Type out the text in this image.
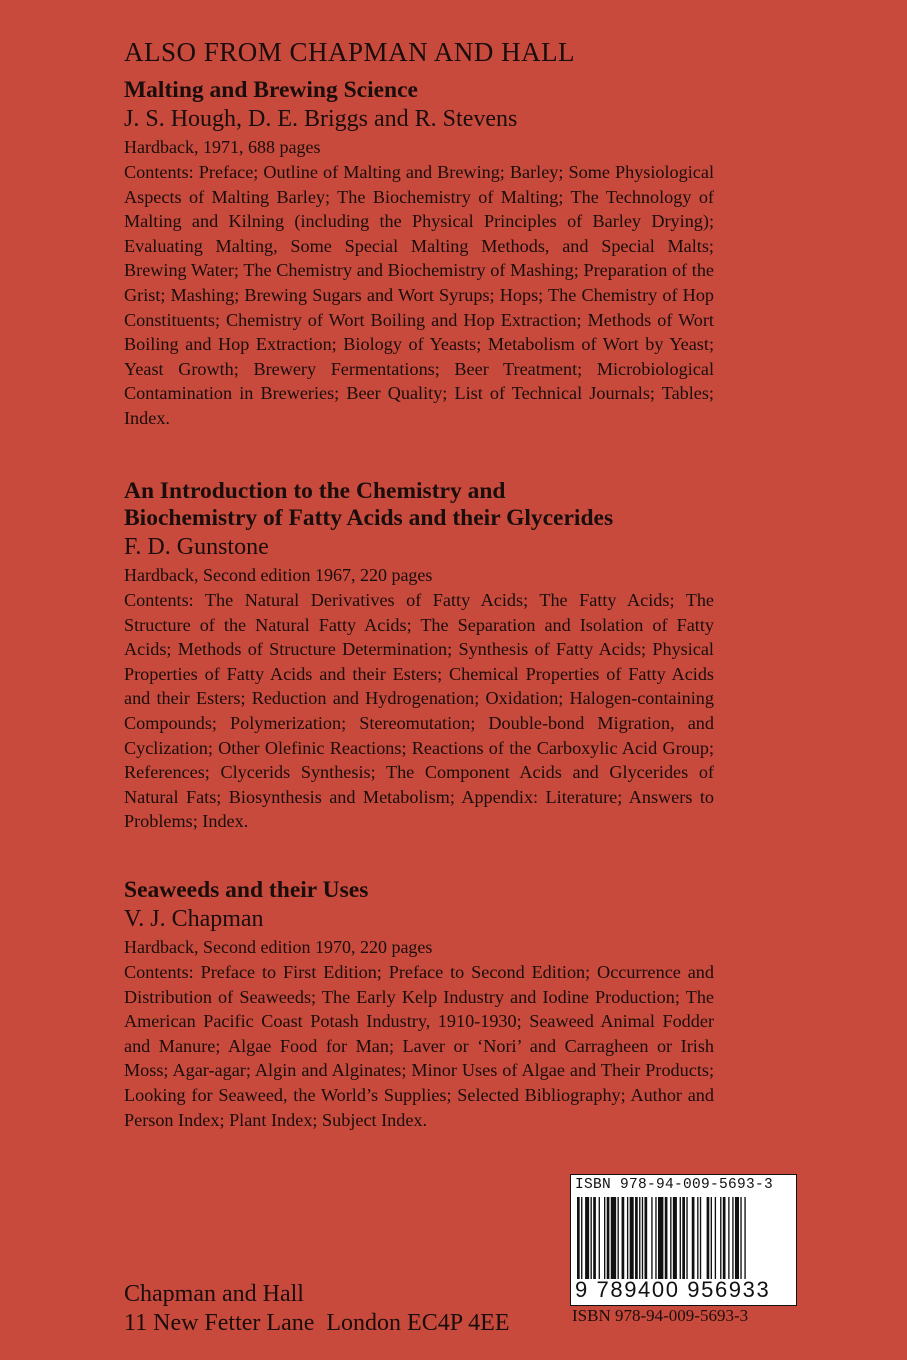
ALSO FROM CHAPMAN AND HALL
Malting and Brewing Science
J. S. Hough, D. E. Briggs and R. Stevens
Hardback, 1971, 688 pages
Contents: Preface; Outline of Malting and Brewing; Barley; Some Physiological Aspects of Malting Barley; The Biochemistry of Malting; The Technology of Malting and Kilning (including the Physical Principles of Barley Drying); Evaluating Malting, Some Special Malting Methods, and Special Malts; Brewing Water; The Chemistry and Biochemistry of Mashing; Preparation of the Grist; Mashing; Brewing Sugars and Wort Syrups; Hops; The Chemistry of Hop Constituents; Chemistry of Wort Boiling and Hop Extraction; Methods of Wort Boiling and Hop Extraction; Biology of Yeasts; Metabolism of Wort by Yeast; Yeast Growth; Brewery Fermentations; Beer Treatment; Microbiological Contamination in Breweries; Beer Quality; List of Technical Journals; Tables; Index.
An Introduction to the Chemistry and
Biochemistry of Fatty Acids and their Glycerides
F. D. Gunstone
Hardback, Second edition 1967, 220 pages
Contents: The Natural Derivatives of Fatty Acids; The Fatty Acids; The Structure of the Natural Fatty Acids; The Separation and Isolation of Fatty Acids; Methods of Structure Determination; Synthesis of Fatty Acids; Physical Properties of Fatty Acids and their Esters; Chemical Properties of Fatty Acids and their Esters; Reduction and Hydrogenation; Oxidation; Halogen-containing Compounds; Polymerization; Stereomutation; Double-bond Migration, and Cyclization; Other Olefinic Reactions; Reactions of the Carboxylic Acid Group; References; Clycerids Synthesis; The Component Acids and Glycerides of Natural Fats; Biosynthesis and Metabolism; Appendix: Literature; Answers to Problems; Index.
Seaweeds and their Uses
V. J. Chapman
Hardback, Second edition 1970, 220 pages
Contents: Preface to First Edition; Preface to Second Edition; Occurrence and Distribution of Seaweeds; The Early Kelp Industry and Iodine Production; The American Pacific Coast Potash Industry, 1910-1930; Seaweed Animal Fodder and Manure; Algae Food for Man; Laver or ‘Nori’ and Carragheen or Irish Moss; Agar-agar; Algin and Alginates; Minor Uses of Algae and Their Products; Looking for Seaweed, the World’s Supplies; Selected Bibliography; Author and Person Index; Plant Index; Subject Index.
Chapman and Hall
11 New Fetter Lane  London EC4P 4EE
ISBN 978-94-009-5693-3
9 789400 956933
ISBN 978-94-009-5693-3
